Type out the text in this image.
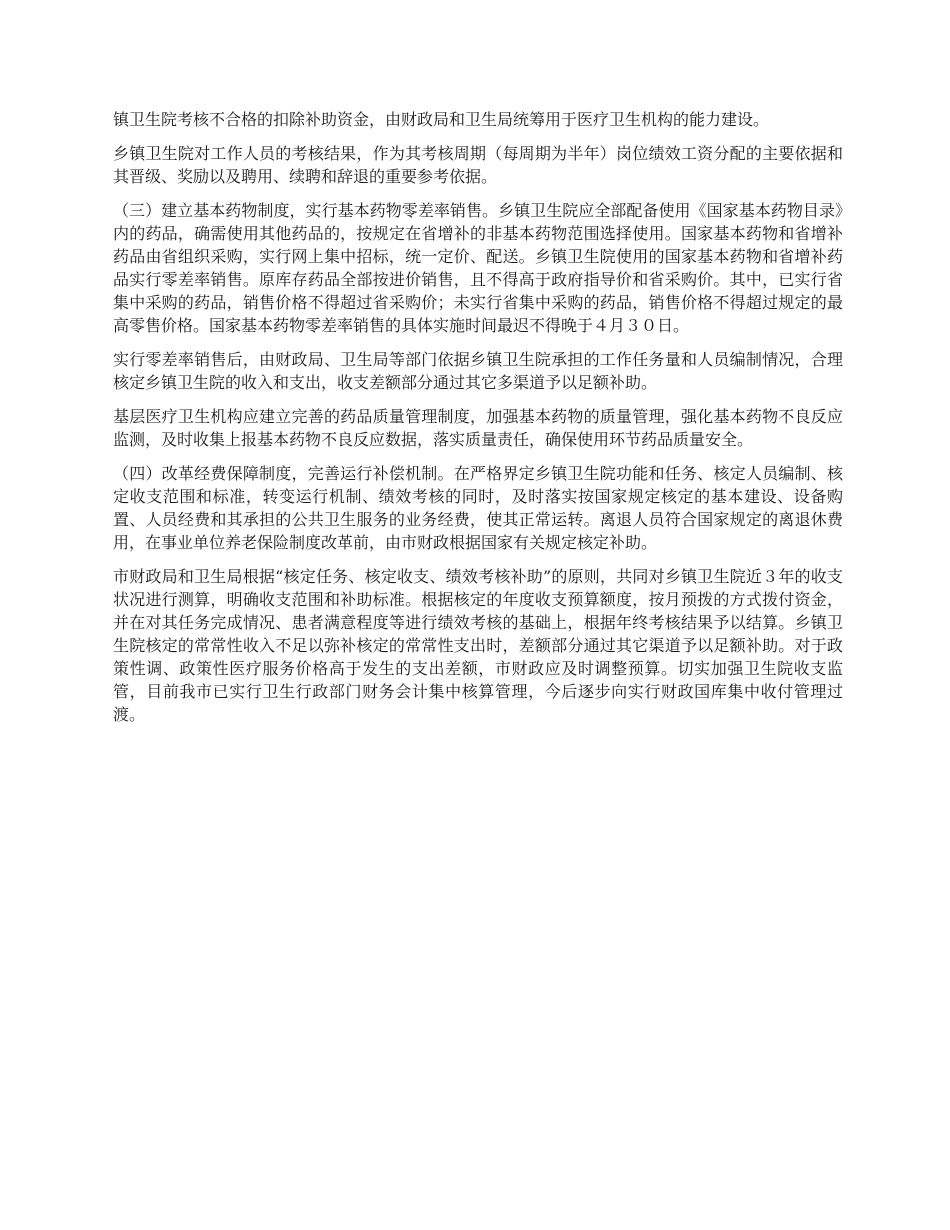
镇卫生院考核不合格的扣除补助资金，由财政局和卫生局统筹用于医疗卫生机构的能力建设。

乡镇卫生院对工作人员的考核结果，作为其考核周期（每周期为半年）岗位绩效工资分配的主要依据和其晋级、奖励以及聘用、续聘和辞退的重要参考依据。

（三）建立基本药物制度，实行基本药物零差率销售。乡镇卫生院应全部配备使用《国家基本药物目录》内的药品，确需使用其他药品的，按规定在省增补的非基本药物范围选择使用。国家基本药物和省增补药品由省组织采购，实行网上集中招标，统一定价、配送。乡镇卫生院使用的国家基本药物和省增补药品实行零差率销售。原库存药品全部按进价销售，且不得高于政府指导价和省采购价。其中，已实行省集中采购的药品，销售价格不得超过省采购价；未实行省集中采购的药品，销售价格不得超过规定的最高零售价格。国家基本药物零差率销售的具体实施时间最迟不得晚于４月３０日。

实行零差率销售后，由财政局、卫生局等部门依据乡镇卫生院承担的工作任务量和人员编制情况，合理核定乡镇卫生院的收入和支出，收支差额部分通过其它多渠道予以足额补助。

基层医疗卫生机构应建立完善的药品质量管理制度，加强基本药物的质量管理，强化基本药物不良反应监测，及时收集上报基本药物不良反应数据，落实质量责任，确保使用环节药品质量安全。

（四）改革经费保障制度，完善运行补偿机制。在严格界定乡镇卫生院功能和任务、核定人员编制、核定收支范围和标准，转变运行机制、绩效考核的同时，及时落实按国家规定核定的基本建设、设备购置、人员经费和其承担的公共卫生服务的业务经费，使其正常运转。离退人员符合国家规定的离退休费用，在事业单位养老保险制度改革前，由市财政根据国家有关规定核定补助。

市财政局和卫生局根据“核定任务、核定收支、绩效考核补助”的原则，共同对乡镇卫生院近３年的收支状况进行测算，明确收支范围和补助标准。根据核定的年度收支预算额度，按月预拨的方式拨付资金，并在对其任务完成情况、患者满意程度等进行绩效考核的基础上，根据年终考核结果予以结算。乡镇卫生院核定的常常性收入不足以弥补核定的常常性支出时，差额部分通过其它渠道予以足额补助。对于政策性调、政策性医疗服务价格高于发生的支出差额，市财政应及时调整预算。切实加强卫生院收支监管，目前我市已实行卫生行政部门财务会计集中核算管理，今后逐步向实行财政国库集中收付管理过渡。
